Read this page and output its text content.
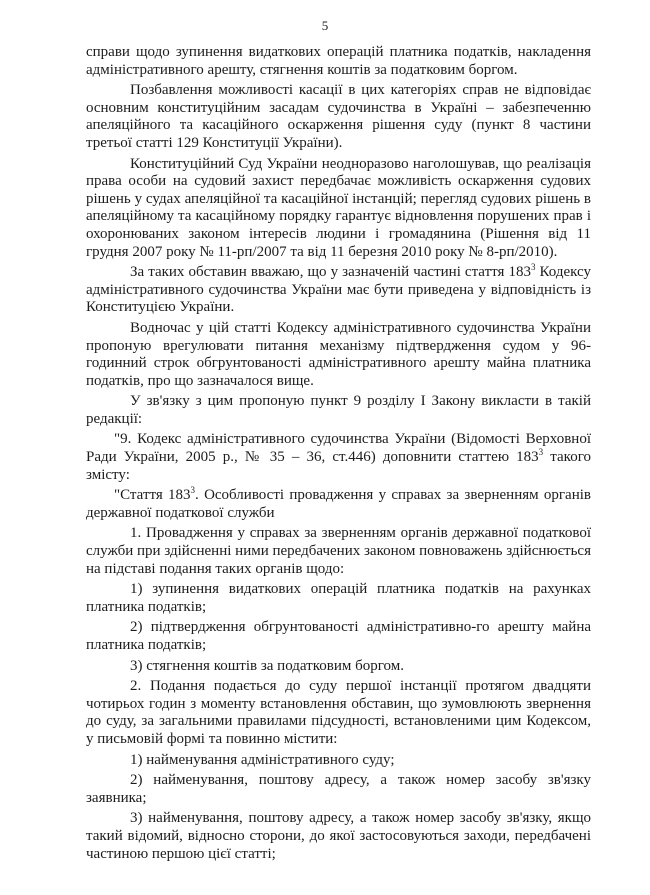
5

справи щодо зупинення видаткових операцій платника податків, накладення адміністративного арешту, стягнення коштів за податковим боргом.

Позбавлення можливості касації в цих категоріях справ не відповідає основним конституційним засадам судочинства в Україні – забезпеченню апеляційного та касаційного оскарження рішення суду (пункт 8 частини третьої статті 129 Конституції України).

Конституційний Суд України неодноразово наголошував, що реалізація права особи на судовий захист передбачає можливість оскарження судових рішень у судах апеляційної та касаційної інстанцій; перегляд судових рішень в апеляційному та касаційному порядку гарантує відновлення порушених прав і охоронюваних законом інтересів людини і громадянина (Рішення від 11 грудня 2007 року № 11-рп/2007 та від 11 березня 2010 року № 8-рп/2010).

За таких обставин вважаю, що у зазначеній частині стаття $183^3$ Кодексу адміністративного судочинства України має бути приведена у відповідність із Конституцією України.

Водночас у цій статті Кодексу адміністративного судочинства України пропоную врегулювати питання механізму підтвердження судом у 96-годинний строк обгрунтованості адміністративного арешту майна платника податків, про що зазначалося вище.

У зв'язку з цим пропоную пункт 9 розділу I Закону викласти в такій редакції:

"9. Кодекс адміністративного судочинства України (Відомості Верховної Ради України, 2005 р., № 35 – 36, ст.446) доповнити статтею $183^3$ такого змісту:

"Стаття $183^3$. Особливості провадження у справах за зверненням органів державної податкової служби

1. Провадження у справах за зверненням органів державної податкової служби при здійсненні ними передбачених законом повноважень здійснюється на підставі подання таких органів щодо:

1) зупинення видаткових операцій платника податків на рахунках платника податків;

2) підтвердження обгрунтованості адміністративно-го арешту майна платника податків;

3) стягнення коштів за податковим боргом.

2. Подання подається до суду першої інстанції протягом двадцяти чотирьох годин з моменту встановлення обставин, що зумовлюють звернення до суду, за загальними правилами підсудності, встановленими цим Кодексом, у письмовій формі та повинно містити:

1) найменування адміністративного суду;

2) найменування, поштову адресу, а також номер засобу зв'язку заявника;

3) найменування, поштову адресу, а також номер засобу зв'язку, якщо такий відомий, відносно сторони, до якої застосовуються заходи, передбачені частиною першою цієї статті;
